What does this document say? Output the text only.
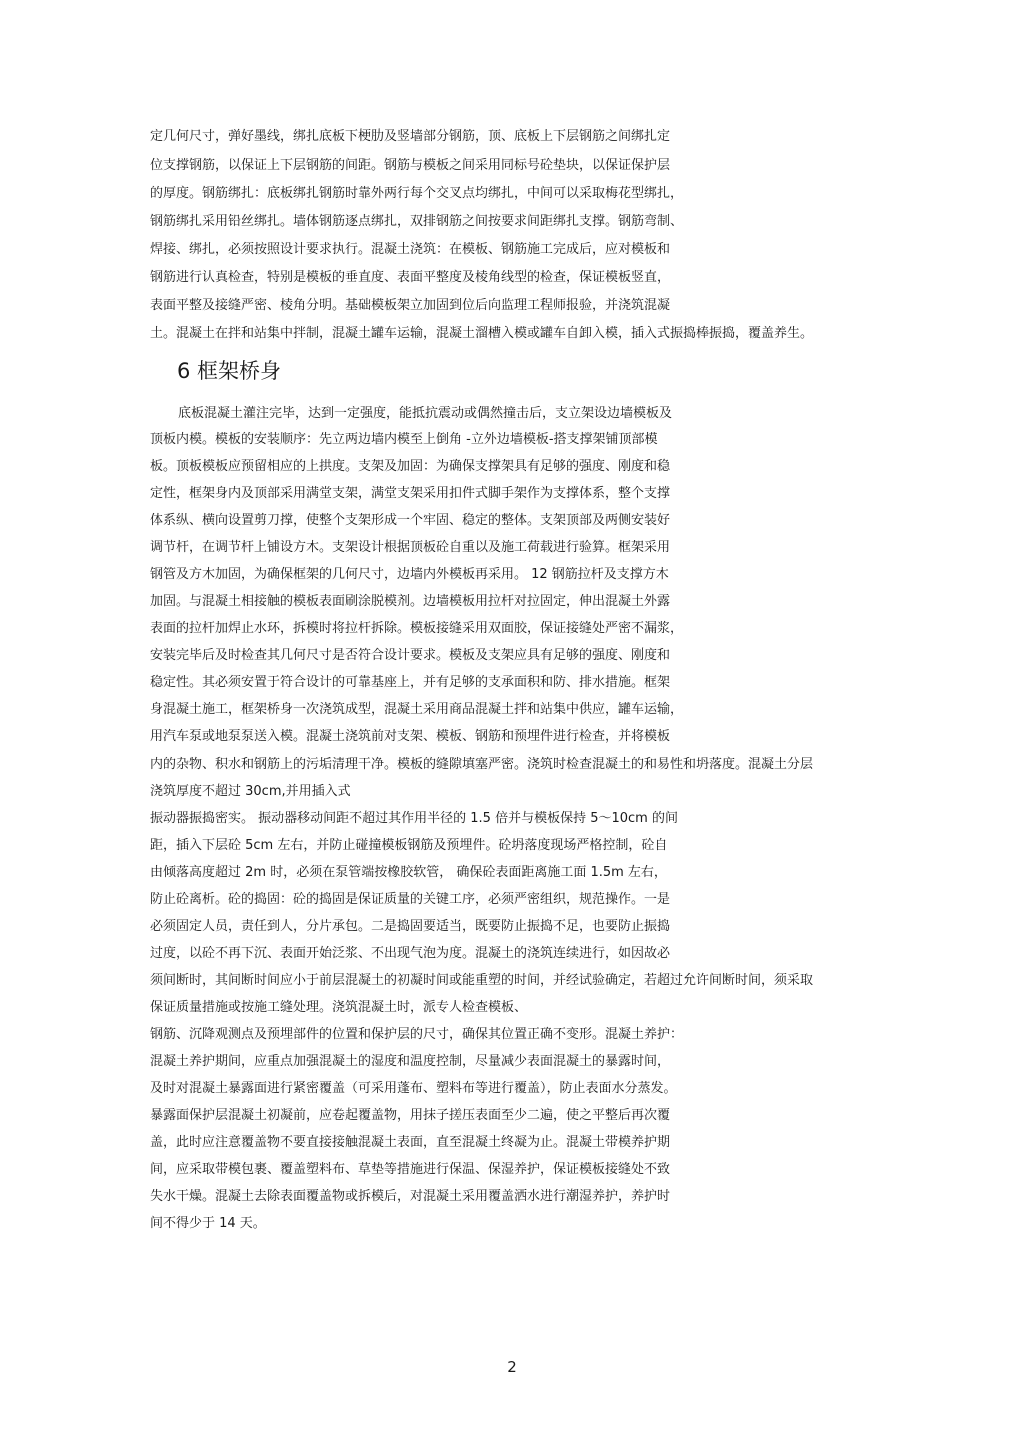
定几何尺寸，弹好墨线，绑扎底板下梗肋及竖墙部分钢筋，顶、底板上下层钢筋之间绑扎定

位支撑钢筋，以保证上下层钢筋的间距。钢筋与模板之间采用同标号砼垫块，以保证保护层

的厚度。钢筋绑扎：底板绑扎钢筋时靠外两行每个交叉点均绑扎，中间可以采取梅花型绑扎，

钢筋绑扎采用铅丝绑扎。墙体钢筋逐点绑扎，双排钢筋之间按要求间距绑扎支撑。钢筋弯制、

焊接、绑扎，必须按照设计要求执行。混凝土浇筑：在模板、钢筋施工完成后，应对模板和

钢筋进行认真检查，特别是模板的垂直度、表面平整度及棱角线型的检查，保证模板竖直，

表面平整及接缝严密、棱角分明。基础模板架立加固到位后向监理工程师报验，并浇筑混凝

土。混凝土在拌和站集中拌制，混凝土罐车运输，混凝土溜槽入模或罐车自卸入模，插入式振捣棒振捣，覆盖养生。

6 框架桥身

底板混凝土灌注完毕，达到一定强度，能抵抗震动或偶然撞击后，支立架设边墙模板及

顶板内模。模板的安装顺序：先立两边墙内模至上倒角 -立外边墙模板-搭支撑架铺顶部模

板。顶板模板应预留相应的上拱度。支架及加固：为确保支撑架具有足够的强度、刚度和稳

定性，框架身内及顶部采用满堂支架，满堂支架采用扣件式脚手架作为支撑体系，整个支撑

体系纵、横向设置剪刀撑，使整个支架形成一个牢固、稳定的整体。支架顶部及两侧安装好

调节杆，在调节杆上铺设方木。支架设计根据顶板砼自重以及施工荷载进行验算。框架采用

钢管及方木加固，为确保框架的几何尺寸，边墙内外模板再采用。 12 钢筋拉杆及支撑方木

加固。与混凝土相接触的模板表面刷涂脱模剂。边墙模板用拉杆对拉固定，伸出混凝土外露

表面的拉杆加焊止水环，拆模时将拉杆拆除。模板接缝采用双面胶，保证接缝处严密不漏浆，

安装完毕后及时检查其几何尺寸是否符合设计要求。模板及支架应具有足够的强度、刚度和

稳定性。其必须安置于符合设计的可靠基座上，并有足够的支承面积和防、排水措施。框架

身混凝土施工，框架桥身一次浇筑成型，混凝土采用商品混凝土拌和站集中供应，罐车运输，

用汽车泵或地泵泵送入模。混凝土浇筑前对支架、模板、钢筋和预埋件进行检查，并将模板

内的杂物、积水和钢筋上的污垢清理干净。模板的缝隙填塞严密。浇筑时检查混凝土的和易性和坍落度。混凝土分层

浇筑厚度不超过 30cm,并用插入式

振动器振捣密实。 振动器移动间距不超过其作用半径的 1.5 倍并与模板保持 5～10cm 的间

距，插入下层砼 5cm 左右，并防止碰撞模板钢筋及预埋件。砼坍落度现场严格控制，砼自

由倾落高度超过 2m 时，必须在泵管端按橡胶软管， 确保砼表面距离施工面 1.5m 左右，

防止砼离析。砼的捣固：砼的捣固是保证质量的关键工序，必须严密组织，规范操作。一是

必须固定人员，责任到人，分片承包。二是捣固要适当，既要防止振捣不足，也要防止振捣

过度，以砼不再下沉、表面开始泛浆、不出现气泡为度。混凝土的浇筑连续进行，如因故必

须间断时，其间断时间应小于前层混凝土的初凝时间或能重塑的时间，并经试验确定，若超过允许间断时间，须采取

保证质量措施或按施工缝处理。浇筑混凝土时，派专人检查模板、

钢筋、沉降观测点及预埋部件的位置和保护层的尺寸，确保其位置正确不变形。混凝土养护：

混凝土养护期间，应重点加强混凝土的湿度和温度控制，尽量减少表面混凝土的暴露时间，

及时对混凝土暴露面进行紧密覆盖（可采用蓬布、塑料布等进行覆盖），防止表面水分蒸发。

暴露面保护层混凝土初凝前，应卷起覆盖物，用抹子搓压表面至少二遍，使之平整后再次覆

盖，此时应注意覆盖物不要直接接触混凝土表面，直至混凝土终凝为止。混凝土带模养护期

间，应采取带模包裹、覆盖塑料布、草垫等措施进行保温、保湿养护，保证模板接缝处不致

失水干燥。混凝土去除表面覆盖物或拆模后，对混凝土采用覆盖洒水进行潮湿养护，养护时

间不得少于 14 天。

2
